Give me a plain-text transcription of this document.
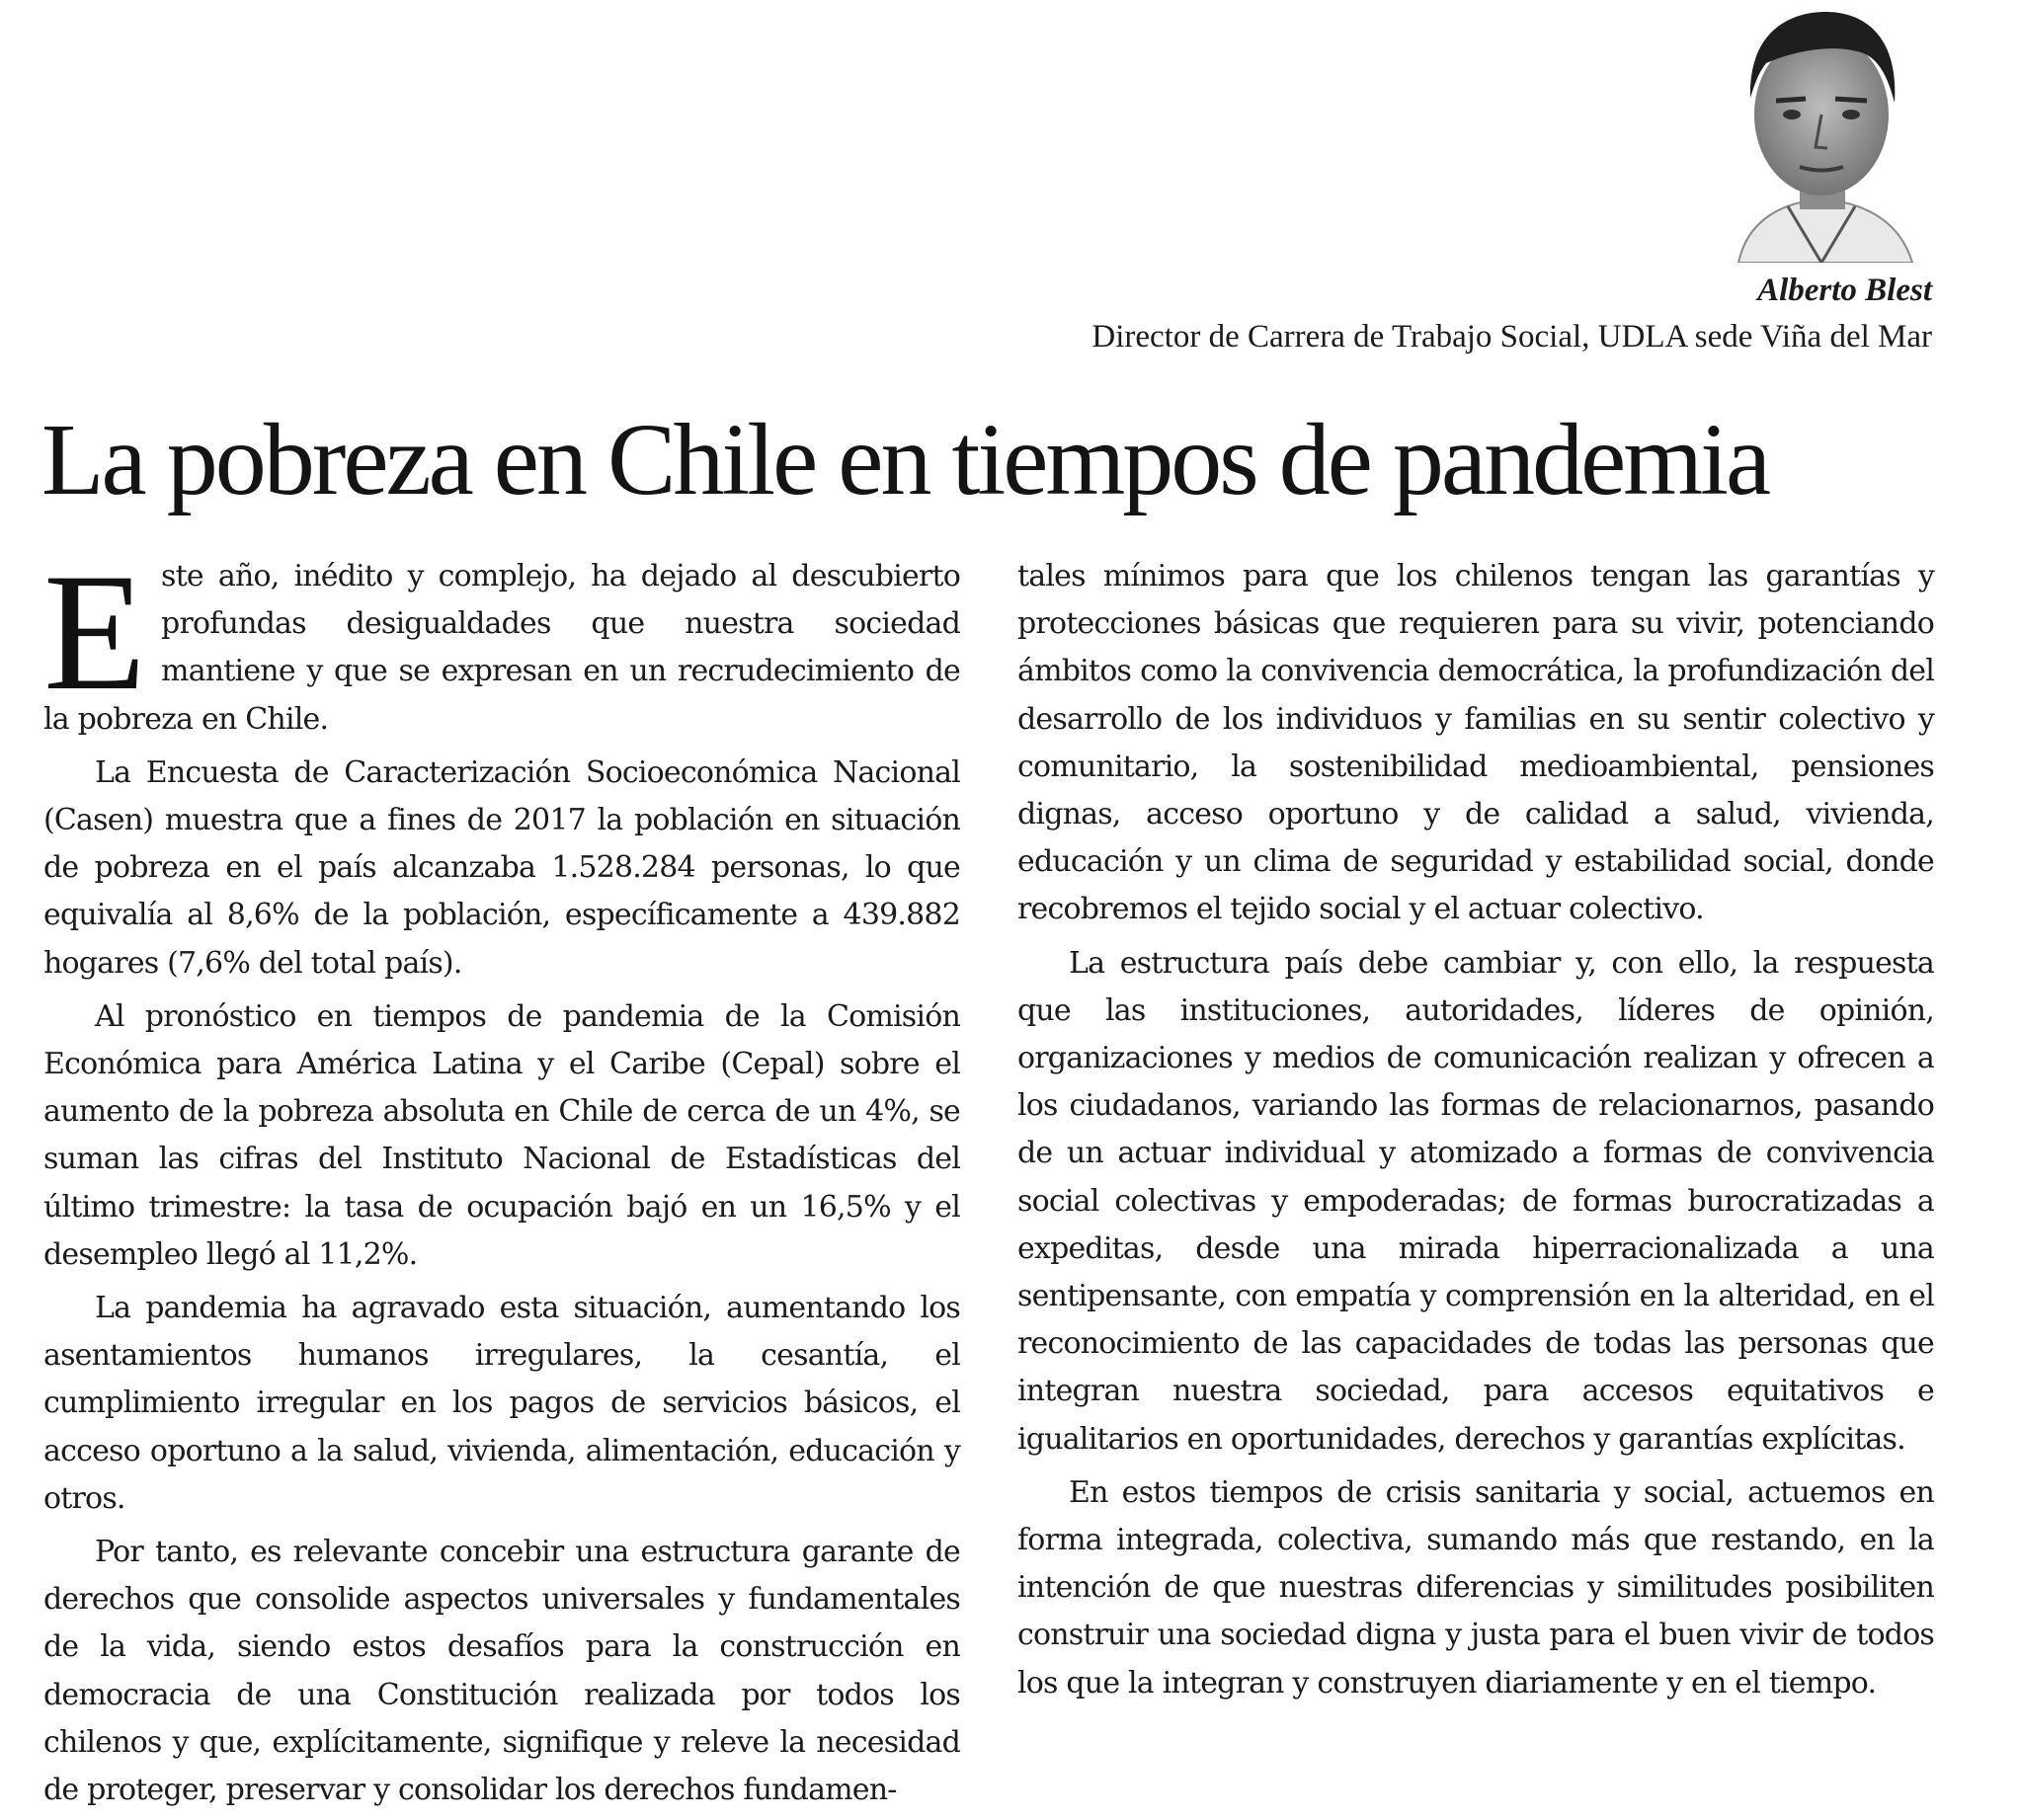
Alberto Blest
Director de Carrera de Trabajo Social, UDLA sede Viña del Mar
La pobreza en Chile en tiempos de pandemia

E ste año, inédito y complejo, ha dejado al descubierto profundas desigualdades que nuestra sociedad mantiene y que se expresan en un recrudecimiento de la pobreza en Chile.

La Encuesta de Caracterización Socioeconómica Nacional (Casen) muestra que a fines de 2017 la población en situación de pobreza en el país alcanzaba 1.528.284 personas, lo que equivalía al 8,6% de la población, específicamente a 439.882 hogares (7,6% del total país).

Al pronóstico en tiempos de pandemia de la Comisión Económica para América Latina y el Caribe (Cepal) sobre el aumento de la pobreza absoluta en Chile de cerca de un 4%, se suman las cifras del Instituto Nacional de Estadísticas del último trimestre: la tasa de ocupación bajó en un 16,5% y el desempleo llegó al 11,2%.

La pandemia ha agravado esta situación, aumentando los asentamientos humanos irregulares, la cesantía, el cumplimiento irregular en los pagos de servicios básicos, el acceso oportuno a la salud, vivienda, alimentación, educación y otros.

Por tanto, es relevante concebir una estructura garante de derechos que consolide aspectos universales y fundamentales de la vida, siendo estos desafíos para la construcción en democracia de una Constitución realizada por todos los chilenos y que, explícitamente, signifique y releve la necesidad de proteger, preservar y consolidar los derechos fundamen-

tales mínimos para que los chilenos tengan las garantías y protecciones básicas que requieren para su vivir, potenciando ámbitos como la convivencia democrática, la profundización del desarrollo de los individuos y familias en su sentir colectivo y comunitario, la sostenibilidad medioambiental, pensiones dignas, acceso oportuno y de calidad a salud, vivienda, educación y un clima de seguridad y estabilidad social, donde recobremos el tejido social y el actuar colectivo.

La estructura país debe cambiar y, con ello, la respuesta que las instituciones, autoridades, líderes de opinión, organizaciones y medios de comunicación realizan y ofrecen a los ciudadanos, variando las formas de relacionarnos, pasando de un actuar individual y atomizado a formas de convivencia social colectivas y empoderadas; de formas burocratizadas a expeditas, desde una mirada hiperracionalizada a una sentipensante, con empatía y comprensión en la alteridad, en el reconocimiento de las capacidades de todas las personas que integran nuestra sociedad, para accesos equitativos e igualitarios en oportunidades, derechos y garantías explícitas.

En estos tiempos de crisis sanitaria y social, actuemos en forma integrada, colectiva, sumando más que restando, en la intención de que nuestras diferencias y similitudes posibiliten construir una sociedad digna y justa para el buen vivir de todos los que la integran y construyen diariamente y en el tiempo.
